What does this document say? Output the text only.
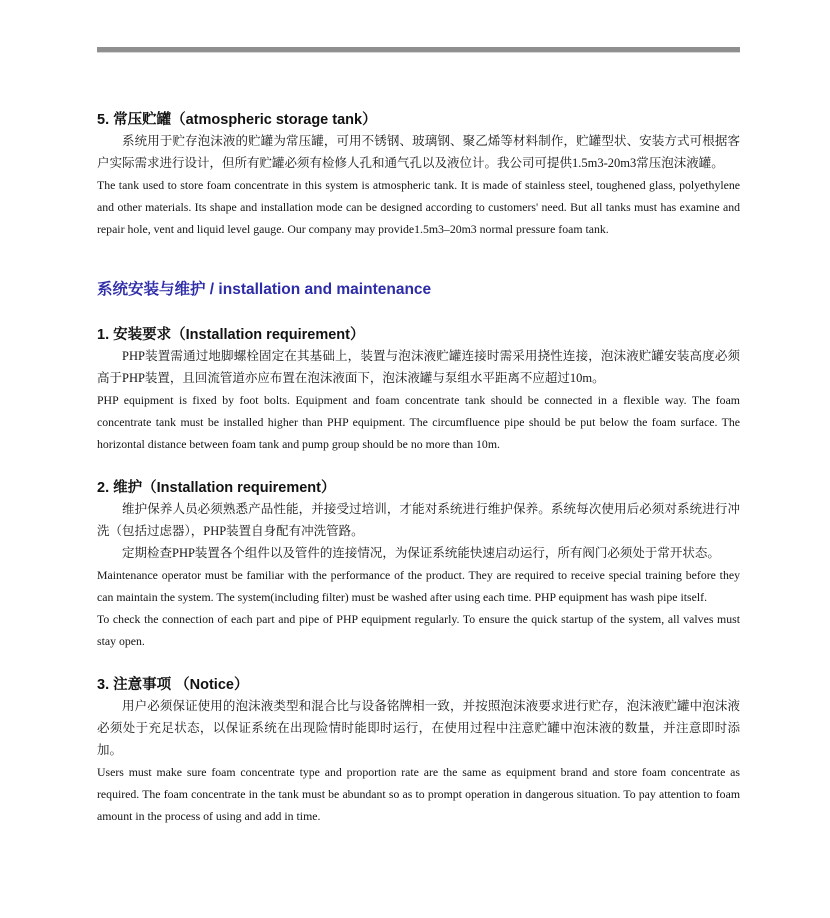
5. 常压贮罐（atmospheric storage tank）

系统用于贮存泡沫液的贮罐为常压罐，可用不锈钢、玻璃钢、聚乙烯等材料制作，贮罐型状、安装方式可根据客户实际需求进行设计，但所有贮罐必须有检修人孔和通气孔以及液位计。我公司可提供1.5m3-20m3常压泡沫液罐。

The tank used to store foam concentrate in this system is atmospheric tank. It is made of stainless steel, toughened glass, polyethylene and other materials. Its shape and installation mode can be designed according to customers' need. But all tanks must has examine and repair hole, vent and liquid level gauge. Our company may provide1.5m3–20m3 normal pressure foam tank.

系统安装与维护 / installation and maintenance
1. 安装要求（Installation requirement）

PHP装置需通过地脚螺栓固定在其基础上，装置与泡沫液贮罐连接时需采用挠性连接，泡沫液贮罐安装高度必须高于PHP装置，且回流管道亦应布置在泡沫液面下，泡沫液罐与泵组水平距离不应超过10m。

PHP equipment is fixed by foot bolts. Equipment and foam concentrate tank should be connected in a flexible way. The foam concentrate tank must be installed higher than PHP equipment. The circumfluence pipe should be put below the foam surface. The horizontal distance between foam tank and pump group should be no more than 10m.

2. 维护（Installation requirement）

维护保养人员必须熟悉产品性能，并接受过培训，才能对系统进行维护保养。系统每次使用后必须对系统进行冲洗（包括过虑器），PHP装置自身配有冲洗管路。

定期检查PHP装置各个组件以及管件的连接情况，为保证系统能快速启动运行，所有阀门必须处于常开状态。

Maintenance operator must be familiar with the performance of the product. They are required to receive special training before they can maintain the system. The system(including filter) must be washed after using each time. PHP equipment has wash pipe itself.

To check the connection of each part and pipe of PHP equipment regularly. To ensure the quick startup of the system, all valves must stay open.

3. 注意事项 （Notice）

用户必须保证使用的泡沫液类型和混合比与设备铭牌相一致，并按照泡沫液要求进行贮存，泡沫液贮罐中泡沫液必须处于充足状态，以保证系统在出现险情时能即时运行，在使用过程中注意贮罐中泡沫液的数量，并注意即时添加。

Users must make sure foam concentrate type and proportion rate are the same as equipment brand and store foam concentrate as required. The foam concentrate in the tank must be abundant so as to prompt operation in dangerous situation. To pay attention to foam amount in the process of using and add in time.
